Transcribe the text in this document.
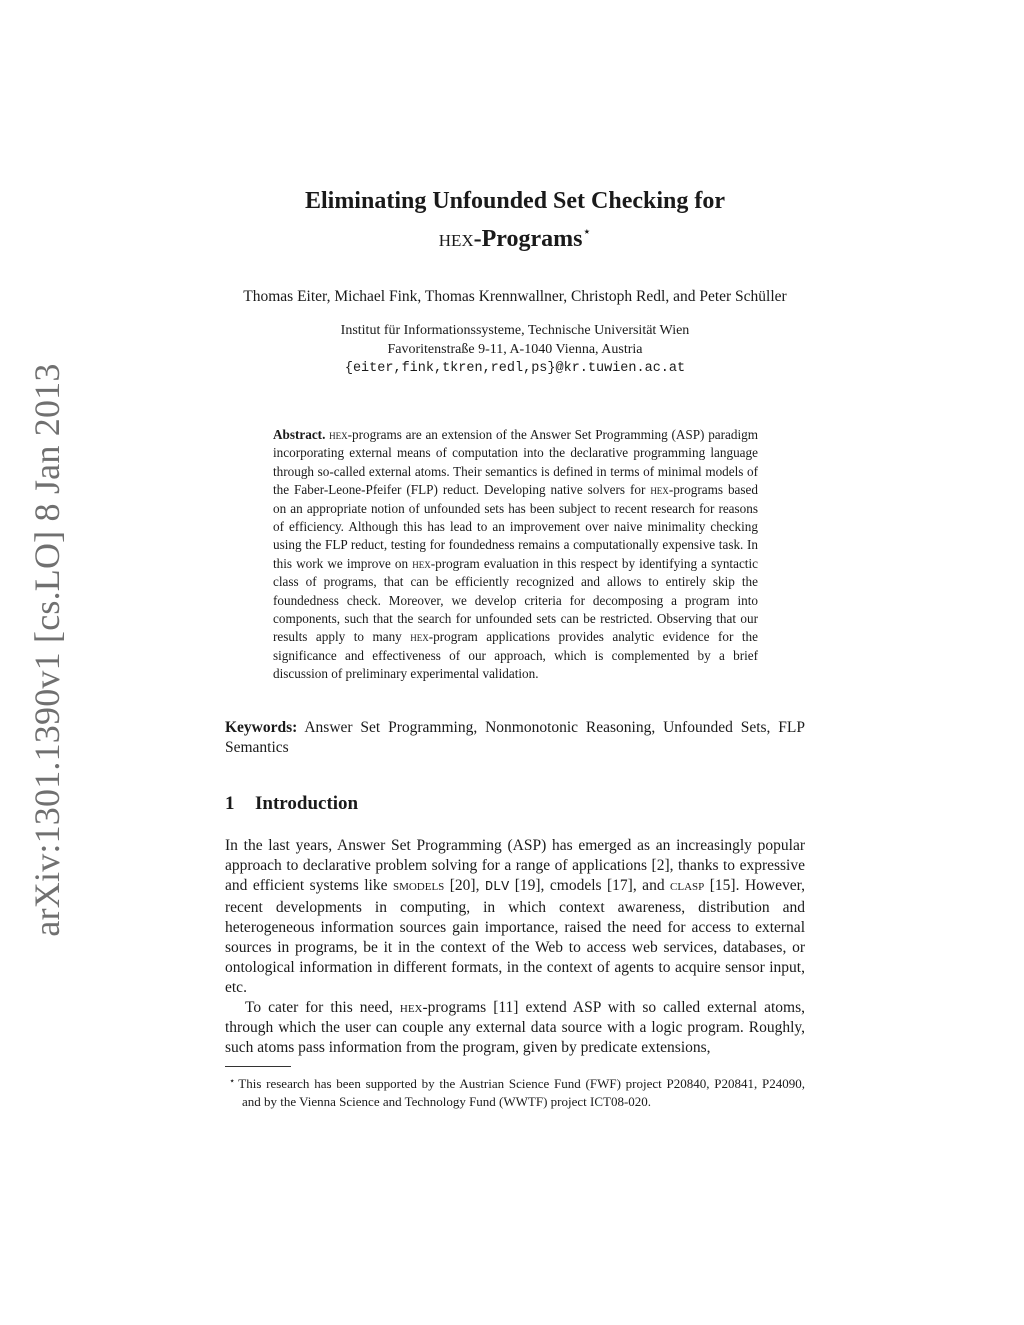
arXiv:1301.1390v1 [cs.LO] 8 Jan 2013
Eliminating Unfounded Set Checking for
hex-Programs⋆
Thomas Eiter, Michael Fink, Thomas Krennwallner, Christoph Redl, and Peter Schüller
Institut für Informationssysteme, Technische Universität Wien
Favoritenstraße 9-11, A-1040 Vienna, Austria
{eiter,fink,tkren,redl,ps}@kr.tuwien.ac.at
Abstract. hex-programs are an extension of the Answer Set Programming (ASP) paradigm incorporating external means of computation into the declarative programming language through so-called external atoms. Their semantics is defined in terms of minimal models of the Faber-Leone-Pfeifer (FLP) reduct. Developing native solvers for hex-programs based on an appropriate notion of unfounded sets has been subject to recent research for reasons of efficiency. Although this has lead to an improvement over naive minimality checking using the FLP reduct, testing for foundedness remains a computationally expensive task. In this work we improve on hex-program evaluation in this respect by identifying a syntactic class of programs, that can be efficiently recognized and allows to entirely skip the foundedness check. Moreover, we develop criteria for decomposing a program into components, such that the search for unfounded sets can be restricted. Observing that our results apply to many hex-program applications provides analytic evidence for the significance and effectiveness of our approach, which is complemented by a brief discussion of preliminary experimental validation.
Keywords: Answer Set Programming, Nonmonotonic Reasoning, Unfounded Sets, FLP Semantics
1 Introduction

In the last years, Answer Set Programming (ASP) has emerged as an increasingly popular approach to declarative problem solving for a range of applications [2], thanks to expressive and efficient systems like smodels [20], DLV [19], cmodels [17], and clasp [15]. However, recent developments in computing, in which context awareness, distribution and heterogeneous information sources gain importance, raised the need for access to external sources in programs, be it in the context of the Web to access web services, databases, or ontological information in different formats, in the context of agents to acquire sensor input, etc.

To cater for this need, hex-programs [11] extend ASP with so called external atoms, through which the user can couple any external data source with a logic program. Roughly, such atoms pass information from the program, given by predicate extensions,

⋆ This research has been supported by the Austrian Science Fund (FWF) project P20840, P20841, P24090, and by the Vienna Science and Technology Fund (WWTF) project ICT08-020.
